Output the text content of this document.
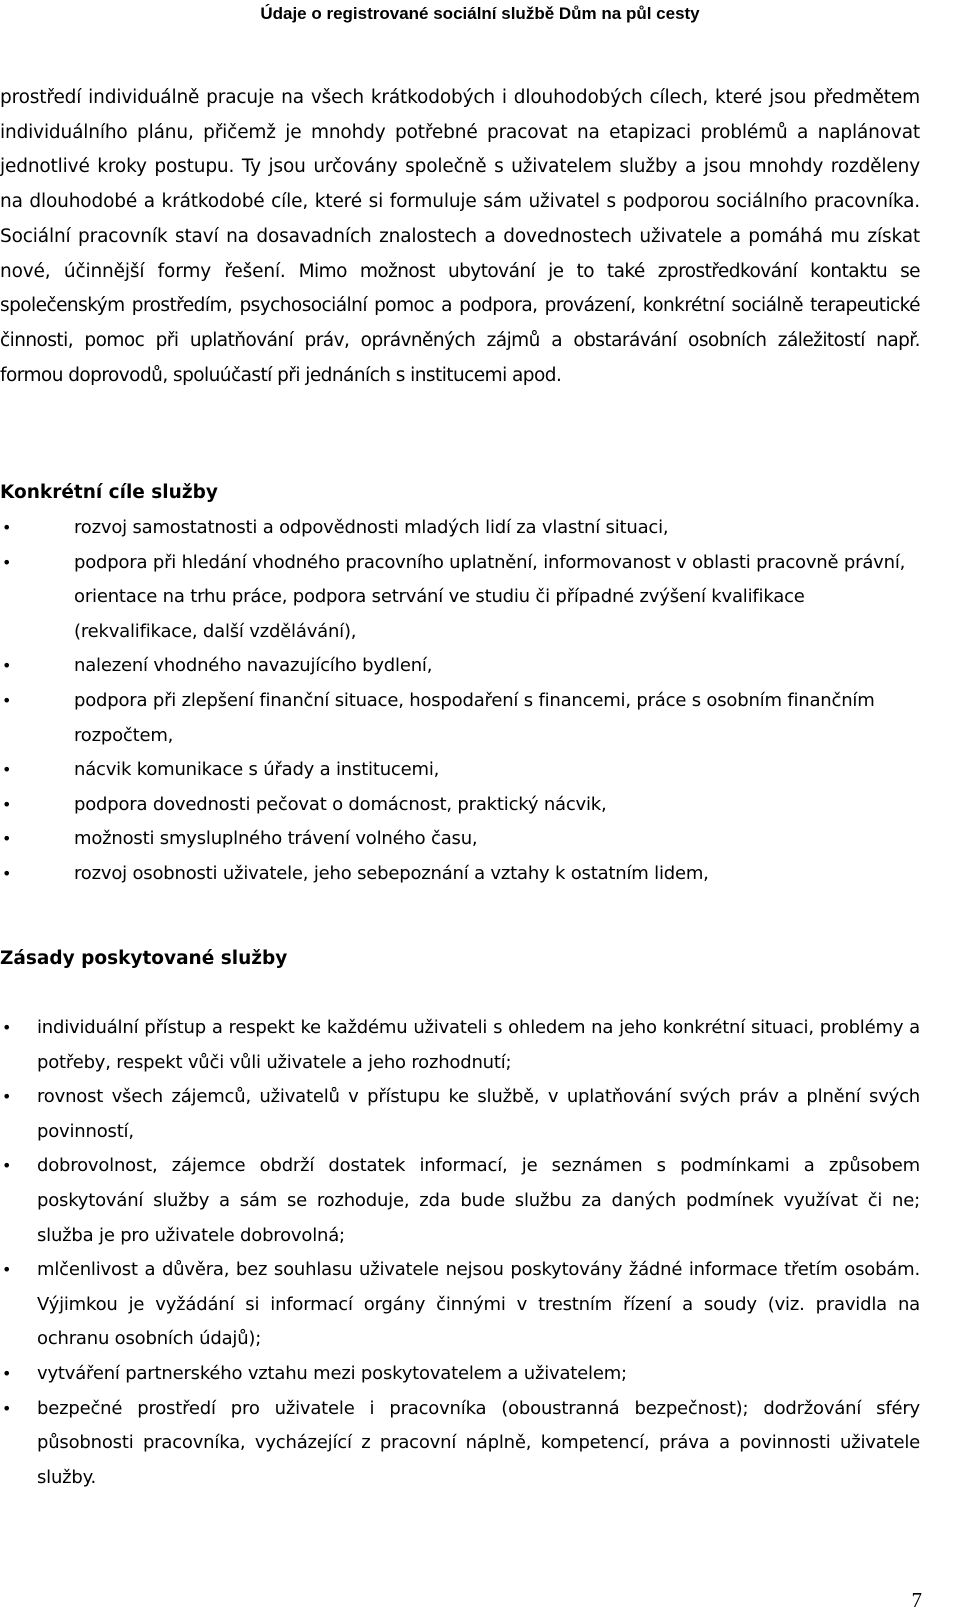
Údaje o registrované sociální službě Dům na půl cesty

prostředí individuálně pracuje na všech krátkodobých i dlouhodobých cílech, které jsou předmětem individuálního plánu, přičemž je mnohdy potřebné pracovat na etapizaci problémů a naplánovat jednotlivé kroky postupu. Ty jsou určovány společně s uživatelem služby a jsou mnohdy rozděleny na dlouhodobé a krátkodobé cíle, které si formuluje sám uživatel s podporou sociálního pracovníka. Sociální pracovník staví na dosavadních znalostech a dovednostech uživatele a pomáhá mu získat nové, účinnější formy řešení. Mimo možnost ubytování je to také zprostředkování kontaktu se společenským prostředím, psychosociální pomoc a podpora, provázení, konkrétní sociálně terapeutické činnosti, pomoc při uplatňování práv, oprávněných zájmů a obstarávání osobních záležitostí např. formou doprovodů, spoluúčastí při jednáních s institucemi apod.

Konkrétní cíle služby
•	rozvoj samostatnosti a odpovědnosti mladých lidí za vlastní situaci,
•	podpora při hledání vhodného pracovního uplatnění, informovanost v oblasti pracovně právní, orientace na trhu práce, podpora setrvání ve studiu či případné zvýšení kvalifikace (rekvalifikace, další vzdělávání),
•	nalezení vhodného navazujícího bydlení,
•	podpora při zlepšení finanční situace, hospodaření s financemi, práce s osobním finančním rozpočtem,
•	nácvik komunikace s úřady a institucemi,
•	podpora dovednosti pečovat o domácnost, praktický nácvik,
•	možnosti smysluplného trávení volného času,
•	rozvoj osobnosti uživatele, jeho sebepoznání a vztahy k ostatním lidem,
Zásady poskytované služby
• individuální přístup a respekt ke každému uživateli s ohledem na jeho konkrétní situaci, problémy a potřeby, respekt vůči vůli uživatele a jeho rozhodnutí;
• rovnost všech zájemců, uživatelů v přístupu ke službě, v uplatňování svých práv a plnění svých povinností,
• dobrovolnost, zájemce obdrží dostatek informací, je seznámen s podmínkami a způsobem poskytování služby a sám se rozhoduje, zda bude službu za daných podmínek využívat či ne; služba je pro uživatele dobrovolná;
• mlčenlivost a důvěra, bez souhlasu uživatele nejsou poskytovány žádné informace třetím osobám. Výjimkou je vyžádání si informací orgány činnými v trestním řízení a soudy (viz. pravidla na ochranu osobních údajů);
• vytváření partnerského vztahu mezi poskytovatelem a uživatelem;
• bezpečné prostředí pro uživatele i pracovníka (oboustranná bezpečnost); dodržování sféry působnosti pracovníka, vycházející z pracovní náplně, kompetencí, práva a povinnosti uživatele služby.
7
